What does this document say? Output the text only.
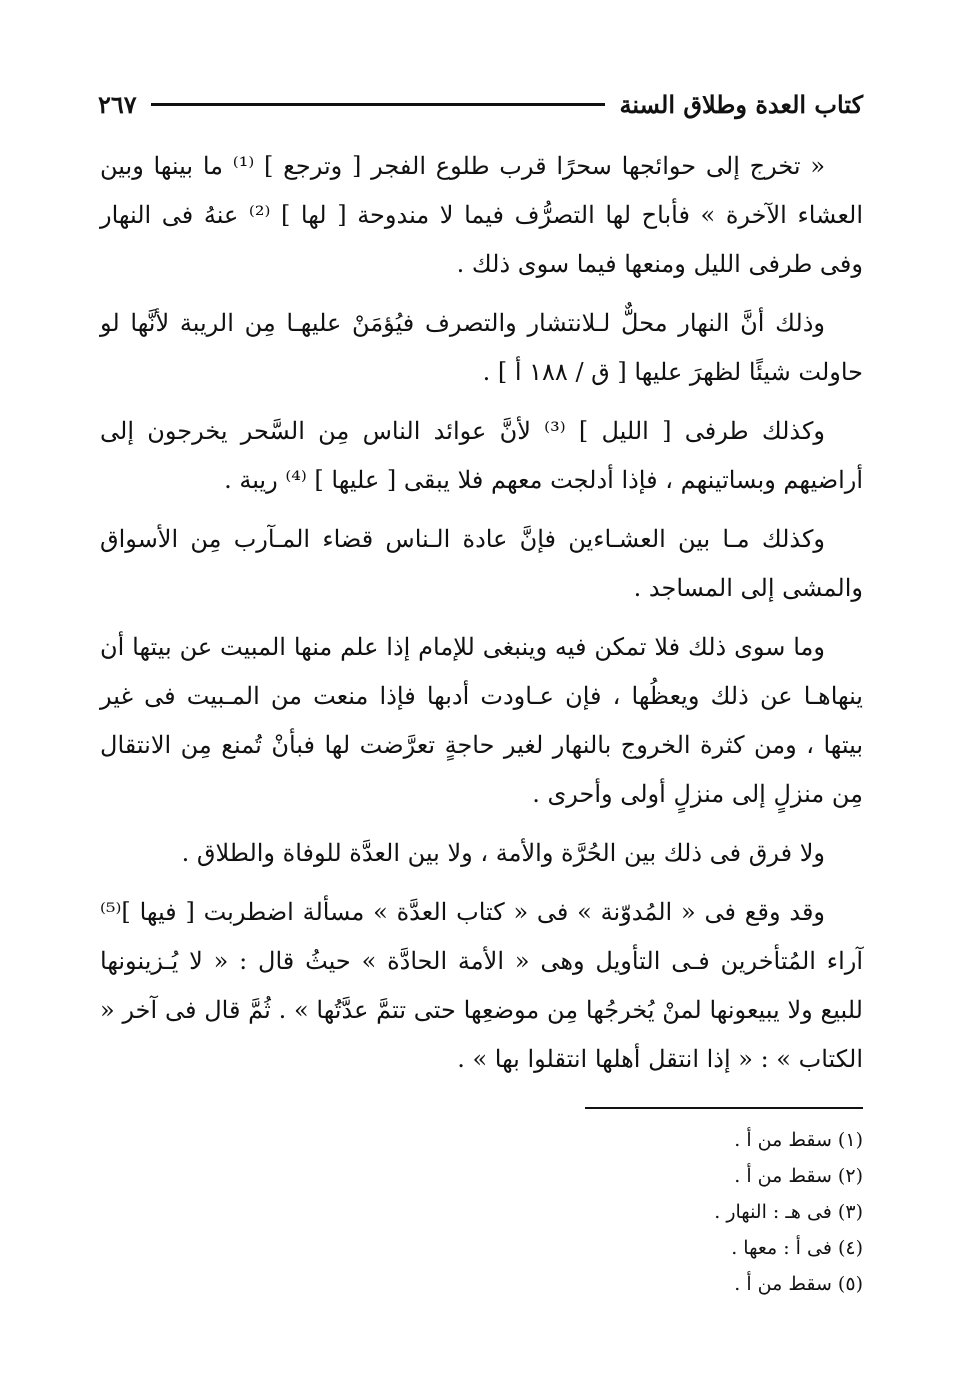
كتاب العدة وطلاق السنة
٢٦٧

« تخرج إلى حوائجها سحرًا قرب طلوع الفجر [ وترجع ] ⁽¹⁾ ما بينها وبين العشاء الآخرة » فأباح لها التصرُّف فيما لا مندوحة [ لها ] ⁽²⁾ عنهُ فى النهار وفى طرفى الليل ومنعها فيما سوى ذلك .

وذلك أنَّ النهار محلٌّ لـلانتشار والتصرف فيُؤمَنْ عليهـا مِن الريبة لأنَّها لو حاولت شيئًا لظهرَ عليها [ ق / ١٨٨ أ ] .

وكذلك طرفى [ الليل ] ⁽³⁾ لأنَّ عوائد الناس مِن السَّحر يخرجون إلى أراضيهم وبساتينهم ، فإذا أدلجت معهم فلا يبقى [ عليها ] ⁽⁴⁾ ريبة .

وكذلك مـا بين العشـاءين فإنَّ عادة الـناس قضاء المـآرب مِن الأسواق والمشى إلى المساجد .

وما سوى ذلك فلا تمكن فيه وينبغى للإمام إذا علم منها المبيت عن بيتها أن ينهاهـا عن ذلك ويعظُها ، فإن عـاودت أدبها فإذا منعت من المـبيت فى غير بيتها ، ومن كثرة الخروج بالنهار لغير حاجةٍ تعرَّضت لها فبأنْ تُمنع مِن الانتقال مِن منزلٍ إلى منزلٍ أولى وأحرى .

ولا فرق فى ذلك بين الحُرَّة والأمة ، ولا بين العدَّة للوفاة والطلاق .

وقد وقع فى « المُدوّنة » فى « كتاب العدَّة » مسألة اضطربت [ فيها ]⁽⁵⁾ آراء المُتأخرين فـى التأويل وهى « الأمة الحادَّة » حيثُ قال : « لا يُـزينونها للبيع ولا يبيعونها لمنْ يُخرجُها مِن موضعِها حتى تتمَّ عدَّتُها » . ثُمَّ قال فى آخر « الكتاب » : « إذا انتقل أهلها انتقلوا بها » .

(١) سقط من أ .
(٢) سقط من أ .
(٣) فى هـ : النهار .
(٤) فى أ : معها .
(٥) سقط من أ .
